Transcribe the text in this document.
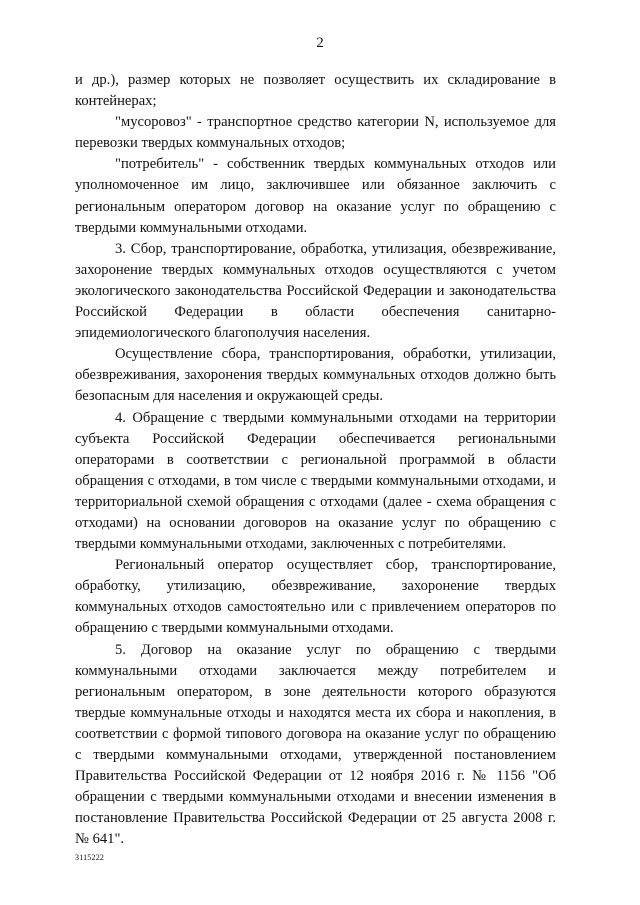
2

и др.), размер которых не позволяет осуществить их складирование в контейнерах;

"мусоровоз" - транспортное средство категории N, используемое для перевозки твердых коммунальных отходов;

"потребитель" - собственник твердых коммунальных отходов или уполномоченное им лицо, заключившее или обязанное заключить с региональным оператором договор на оказание услуг по обращению с твердыми коммунальными отходами.

3. Сбор, транспортирование, обработка, утилизация, обезвреживание, захоронение твердых коммунальных отходов осуществляются с учетом экологического законодательства Российской Федерации и законодательства Российской Федерации в области обеспечения санитарно-эпидемиологического благополучия населения.

Осуществление сбора, транспортирования, обработки, утилизации, обезвреживания, захоронения твердых коммунальных отходов должно быть безопасным для населения и окружающей среды.

4. Обращение с твердыми коммунальными отходами на территории субъекта Российской Федерации обеспечивается региональными операторами в соответствии с региональной программой в области обращения с отходами, в том числе с твердыми коммунальными отходами, и территориальной схемой обращения с отходами (далее - схема обращения с отходами) на основании договоров на оказание услуг по обращению с твердыми коммунальными отходами, заключенных с потребителями.

Региональный оператор осуществляет сбор, транспортирование, обработку, утилизацию, обезвреживание, захоронение твердых коммунальных отходов самостоятельно или с привлечением операторов по обращению с твердыми коммунальными отходами.

5. Договор на оказание услуг по обращению с твердыми коммунальными отходами заключается между потребителем и региональным оператором, в зоне деятельности которого образуются твердые коммунальные отходы и находятся места их сбора и накопления, в соответствии с формой типового договора на оказание услуг по обращению с твердыми коммунальными отходами, утвержденной постановлением Правительства Российской Федерации от 12 ноября 2016 г. № 1156 "Об обращении с твердыми коммунальными отходами и внесении изменения в постановление Правительства Российской Федерации от 25 августа 2008 г. № 641".

3115222
